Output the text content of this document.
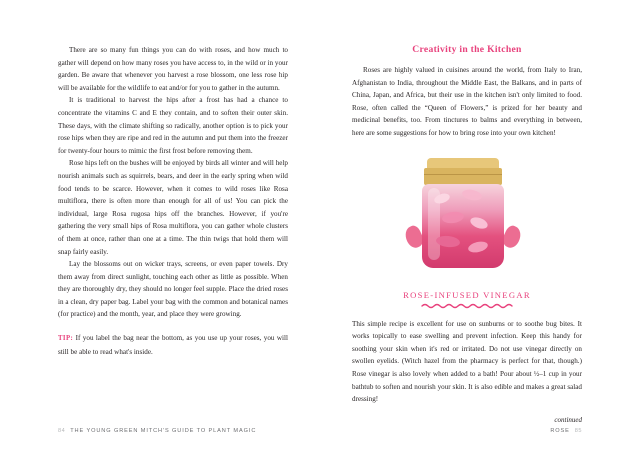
There are so many fun things you can do with roses, and how much to gather will depend on how many roses you have access to, in the wild or in your garden. Be aware that whenever you harvest a rose blossom, one less rose hip will be available for the wildlife to eat and/or for you to gather in the autumn.

It is traditional to harvest the hips after a frost has had a chance to concentrate the vitamins C and E they contain, and to soften their outer skin. These days, with the climate shifting so radically, another option is to pick your rose hips when they are ripe and red in the autumn and put them into the freezer for twenty-four hours to mimic the first frost before removing them.

Rose hips left on the bushes will be enjoyed by birds all winter and will help nourish animals such as squirrels, bears, and deer in the early spring when wild food tends to be scarce. However, when it comes to wild roses like Rosa multiflora, there is often more than enough for all of us! You can pick the individual, large Rosa rugosa hips off the branches. However, if you're gathering the very small hips of Rosa multiflora, you can gather whole clusters of them at once, rather than one at a time. The thin twigs that hold them will snap fairly easily.

Lay the blossoms out on wicker trays, screens, or even paper towels. Dry them away from direct sunlight, touching each other as little as possible. When they are thoroughly dry, they should no longer feel supple. Place the dried roses in a clean, dry paper bag. Label your bag with the common and botanical names (for practice) and the month, year, and place they were growing.

TIP: If you label the bag near the bottom, as you use up your roses, you will still be able to read what's inside.

84 THE YOUNG GREEN MITCH'S GUIDE TO PLANT MAGIC
Creativity in the Kitchen

Roses are highly valued in cuisines around the world, from Italy to Iran, Afghanistan to India, throughout the Middle East, the Balkans, and in parts of China, Japan, and Africa, but their use in the kitchen isn't only limited to food. Rose, often called the “Queen of Flowers,” is prized for her beauty and medicinal benefits, too. From tinctures to balms and everything in between, here are some suggestions for how to bring rose into your own kitchen!

ROSE-INFUSED VINEGAR

This simple recipe is excellent for use on sunburns or to soothe bug bites. It works topically to ease swelling and prevent infection. Keep this handy for soothing your skin when it's red or irritated. Do not use vinegar directly on swollen eyelids. (Witch hazel from the pharmacy is perfect for that, though.) Rose vinegar is also lovely when added to a bath! Pour about ½–1 cup in your bathtub to soften and nourish your skin. It is also edible and makes a great salad dressing!

continued
ROSE 85
